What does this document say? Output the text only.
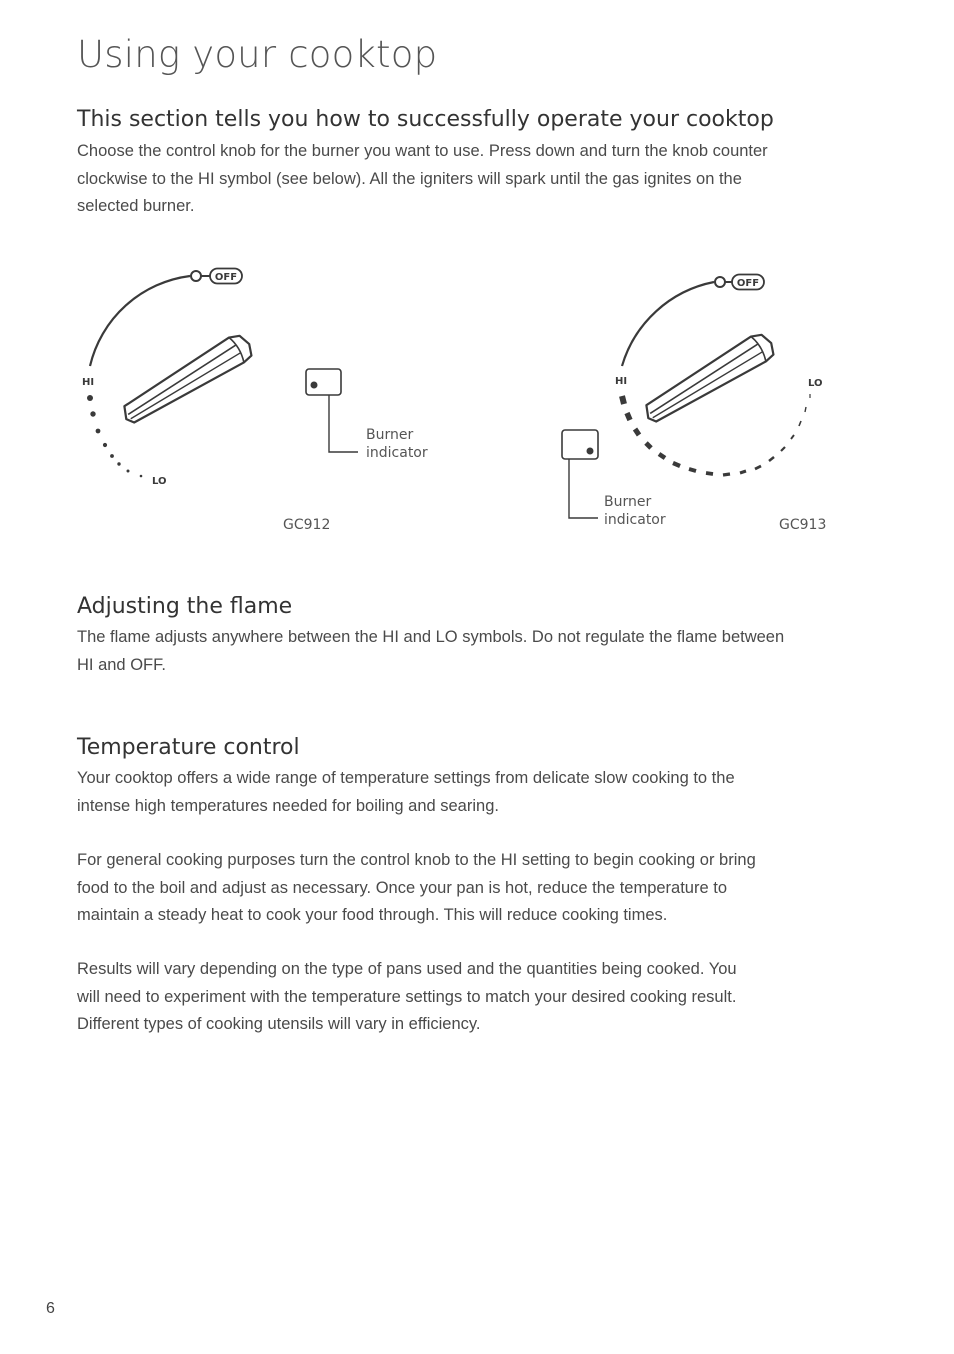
Using your cooktop
This section tells you how to successfully operate your cooktop

Choose the control knob for the burner you want to use. Press down and turn the knob counter
clockwise to the HI symbol (see below). All the igniters will spark until the gas ignites on the
selected burner.

OFF
HI
LO
Burner
indicator
GC912
OFF
HI	LO
Burner
indicator	GC913
Adjusting the flame

The flame adjusts anywhere between the HI and LO symbols. Do not regulate the flame between
HI and OFF.

Temperature control

Your cooktop offers a wide range of temperature settings from delicate slow cooking to the
intense high temperatures needed for boiling and searing.

For general cooking purposes turn the control knob to the HI setting to begin cooking or bring
food to the boil and adjust as necessary. Once your pan is hot, reduce the temperature to
maintain a steady heat to cook your food through. This will reduce cooking times.

Results will vary depending on the type of pans used and the quantities being cooked. You
will need to experiment with the temperature settings to match your desired cooking result.
Different types of cooking utensils will vary in efficiency.

6
